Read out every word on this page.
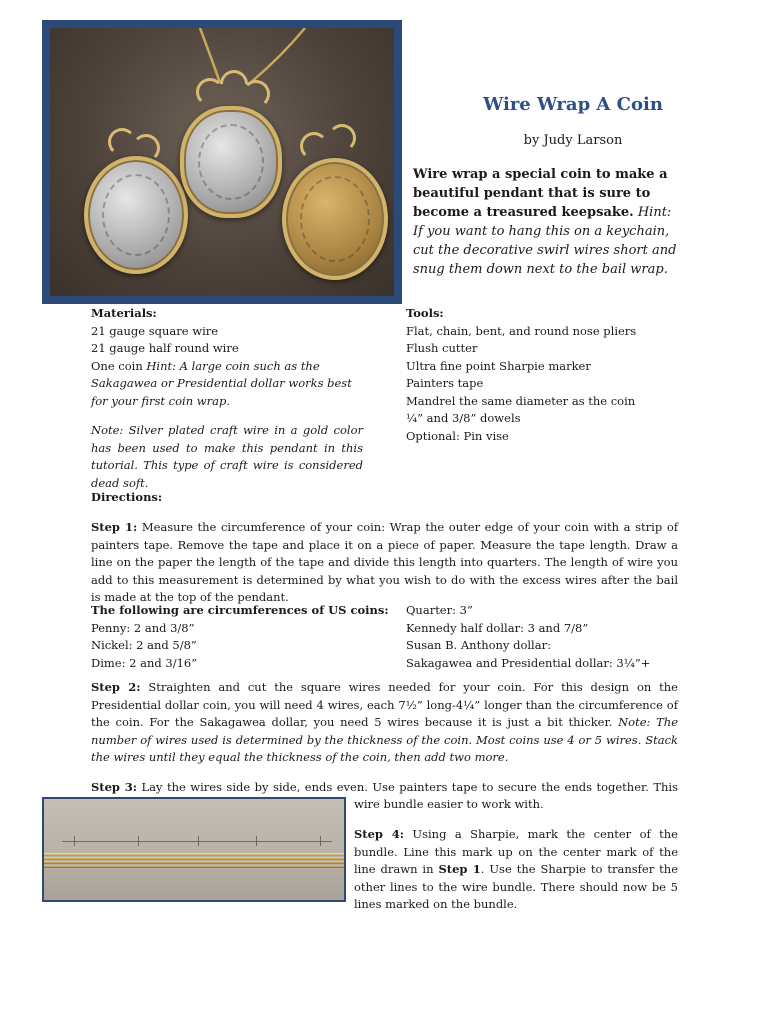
Wire Wrap A Coin
by Judy Larson
Wire wrap a special coin to make a beautiful pendant that is sure to become a treasured keepsake. Hint: If you want to hang this on a keychain, cut the decorative swirl wires short and snug them down next to the bail wrap.
Materials:
21 gauge square wire
21 gauge half round wire
One coin Hint: A large coin such as the Sakagawea or Presidential dollar works best for your first coin wrap.
Note: Silver plated craft wire in a gold color has been used to make this pendant in this tutorial. This type of craft wire is considered dead soft.
Tools:
Flat, chain, bent, and round nose pliers
Flush cutter
Ultra fine point Sharpie marker
Painters tape
Mandrel the same diameter as the coin
¼” and 3/8” dowels
Optional: Pin vise
Directions:
Step 1: Measure the circumference of your coin: Wrap the outer edge of your coin with a strip of painters tape. Remove the tape and place it on a piece of paper. Measure the tape length. Draw a line on the paper the length of the tape and divide this length into quarters. The length of wire you add to this measurement is determined by what you wish to do with the excess wires after the bail is made at the top of the pendant.
The following are circumferences of US coins:
Penny: 2 and 3/8”
Nickel: 2 and 5/8”
Dime: 2 and 3/16”
Quarter: 3”
Kennedy half dollar: 3 and 7/8”
Susan B. Anthony dollar:
Sakagawea and Presidential dollar: 3¼”+
Step 2: Straighten and cut the square wires needed for your coin. For this design on the Presidential dollar coin, you will need 4 wires, each 7½” long-4¼” longer than the circumference of the coin. For the Sakagawea dollar, you need 5 wires because it is just a bit thicker. Note: The number of wires used is determined by the thickness of the coin. Most coins use 4 or 5 wires. Stack the wires until they equal the thickness of the coin, then add two more.
Step 3: Lay the wires side by side, ends even. Use painters tape to secure the ends together. This
wire bundle easier to work with.
Step 4: Using a Sharpie, mark the center of the bundle. Line this mark up on the center mark of the line drawn in Step 1. Use the Sharpie to transfer the other lines to the wire bundle. There should now be 5 lines marked on the bundle.
